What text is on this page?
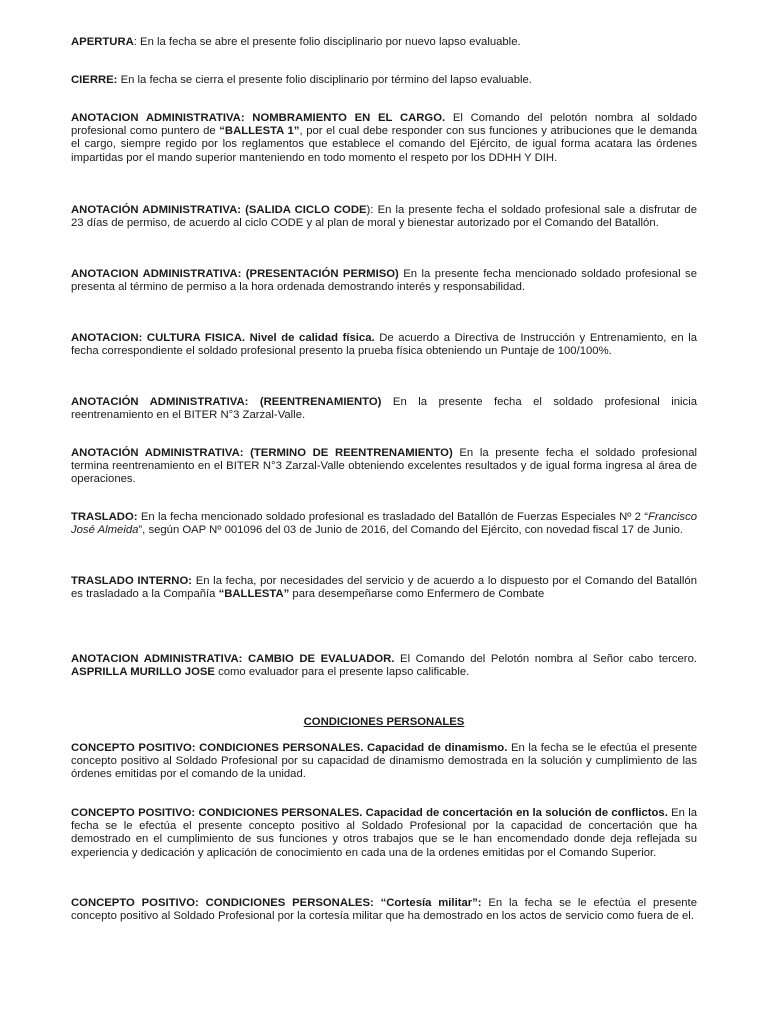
APERTURA: En la fecha se abre el presente folio disciplinario por nuevo lapso evaluable.

CIERRE: En la fecha se cierra el presente folio disciplinario por término del lapso evaluable.

ANOTACION ADMINISTRATIVA: NOMBRAMIENTO EN EL CARGO. El Comando del pelotón nombra al soldado profesional como puntero de “BALLESTA 1”, por el cual debe responder con sus funciones y atribuciones que le demanda el cargo, siempre regido por los reglamentos que establece el comando del Ejército, de igual forma acatara las órdenes impartidas por el mando superior manteniendo en todo momento el respeto por los DDHH Y DIH.

ANOTACIÓN ADMINISTRATIVA: (SALIDA CICLO CODE): En la presente fecha el soldado profesional sale a disfrutar de 23 días de permiso, de acuerdo al ciclo CODE y al plan de moral y bienestar autorizado por el Comando del Batallón.

ANOTACION ADMINISTRATIVA: (PRESENTACIÓN PERMISO) En la presente fecha mencionado soldado profesional se presenta al término de permiso a la hora ordenada demostrando interés y responsabilidad.

ANOTACION: CULTURA FISICA. Nivel de calidad física. De acuerdo a Directiva de Instrucción y Entrenamiento, en la fecha correspondiente el soldado profesional presento la prueba física obteniendo un Puntaje de 100/100%.

ANOTACIÓN ADMINISTRATIVA: (REENTRENAMIENTO) En la presente fecha el soldado profesional inicia reentrenamiento en el BITER N°3 Zarzal-Valle.

ANOTACIÓN ADMINISTRATIVA: (TERMINO DE REENTRENAMIENTO) En la presente fecha el soldado profesional termina reentrenamiento en el BITER N°3 Zarzal-Valle obteniendo excelentes resultados y de igual forma ingresa al área de operaciones.

TRASLADO: En la fecha mencionado soldado profesional es trasladado del Batallón de Fuerzas Especiales Nº 2 “Francisco José Almeida”, según OAP Nº 001096 del 03 de Junio de 2016, del Comando del Ejército, con novedad fiscal 17 de Junio.

TRASLADO INTERNO: En la fecha, por necesidades del servicio y de acuerdo a lo dispuesto por el Comando del Batallón es trasladado a la Compañía “BALLESTA” para desempeñarse como Enfermero de Combate

ANOTACION ADMINISTRATIVA: CAMBIO DE EVALUADOR. El Comando del Pelotón nombra al Señor cabo tercero. ASPRILLA MURILLO JOSE como evaluador para el presente lapso calificable.

CONDICIONES PERSONALES

CONCEPTO POSITIVO: CONDICIONES PERSONALES. Capacidad de dinamismo. En la fecha se le efectúa el presente concepto positivo al Soldado Profesional por su capacidad de dinamismo demostrada en la solución y cumplimiento de las órdenes emitidas por el comando de la unidad.

CONCEPTO POSITIVO: CONDICIONES PERSONALES. Capacidad de concertación en la solución de conflictos. En la fecha se le efectúa el presente concepto positivo al Soldado Profesional por la capacidad de concertación que ha demostrado en el cumplimiento de sus funciones y otros trabajos que se le han encomendado donde deja reflejada su experiencia y dedicación y aplicación de conocimiento en cada una de la ordenes emitidas por el Comando Superior.

CONCEPTO POSITIVO: CONDICIONES PERSONALES: “Cortesía militar”: En la fecha se le efectúa el presente concepto positivo al Soldado Profesional por la cortesía militar que ha demostrado en los actos de servicio como fuera de el.
